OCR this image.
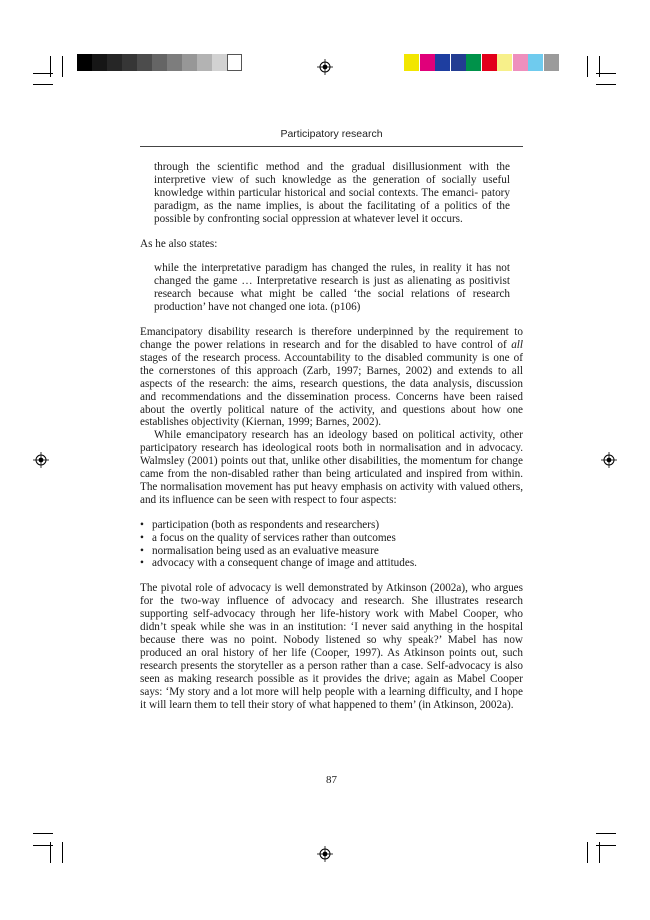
Participatory research

through the scientific method and the gradual disillusionment with the interpretive view of such knowledge as the generation of socially useful knowledge within particular historical and social contexts. The emanci- patory paradigm, as the name implies, is about the facilitating of a politics of the possible by confronting social oppression at whatever level it occurs.

As he also states:

while the interpretative paradigm has changed the rules, in reality it has not changed the game … Interpretative research is just as alienating as positivist research because what might be called ‘the social relations of research production’ have not changed one iota. (p106)

Emancipatory disability research is therefore underpinned by the requirement to change the power relations in research and for the disabled to have control of all stages of the research process. Accountability to the disabled community is one of the cornerstones of this approach (Zarb, 1997; Barnes, 2002) and extends to all aspects of the research: the aims, research questions, the data analysis, discussion and recommendations and the dissemination process. Concerns have been raised about the overtly political nature of the activity, and questions about how one establishes objectivity (Kiernan, 1999; Barnes, 2002).

While emancipatory research has an ideology based on political activity, other participatory research has ideological roots both in normalisation and in advocacy. Walmsley (2001) points out that, unlike other disabilities, the momentum for change came from the non-disabled rather than being articulated and inspired from within. The normalisation movement has put heavy emphasis on activity with valued others, and its influence can be seen with respect to four aspects:

• participation (both as respondents and researchers)
• a focus on the quality of services rather than outcomes
• normalisation being used as an evaluative measure
• advocacy with a consequent change of image and attitudes.

The pivotal role of advocacy is well demonstrated by Atkinson (2002a), who argues for the two-way influence of advocacy and research. She illustrates research supporting self-advocacy through her life-history work with Mabel Cooper, who didn’t speak while she was in an institution: ‘I never said anything in the hospital because there was no point. Nobody listened so why speak?’ Mabel has now produced an oral history of her life (Cooper, 1997). As Atkinson points out, such research presents the storyteller as a person rather than a case. Self-advocacy is also seen as making research possible as it provides the drive; again as Mabel Cooper says: ‘My story and a lot more will help people with a learning difficulty, and I hope it will learn them to tell their story of what happened to them’ (in Atkinson, 2002a).

87
